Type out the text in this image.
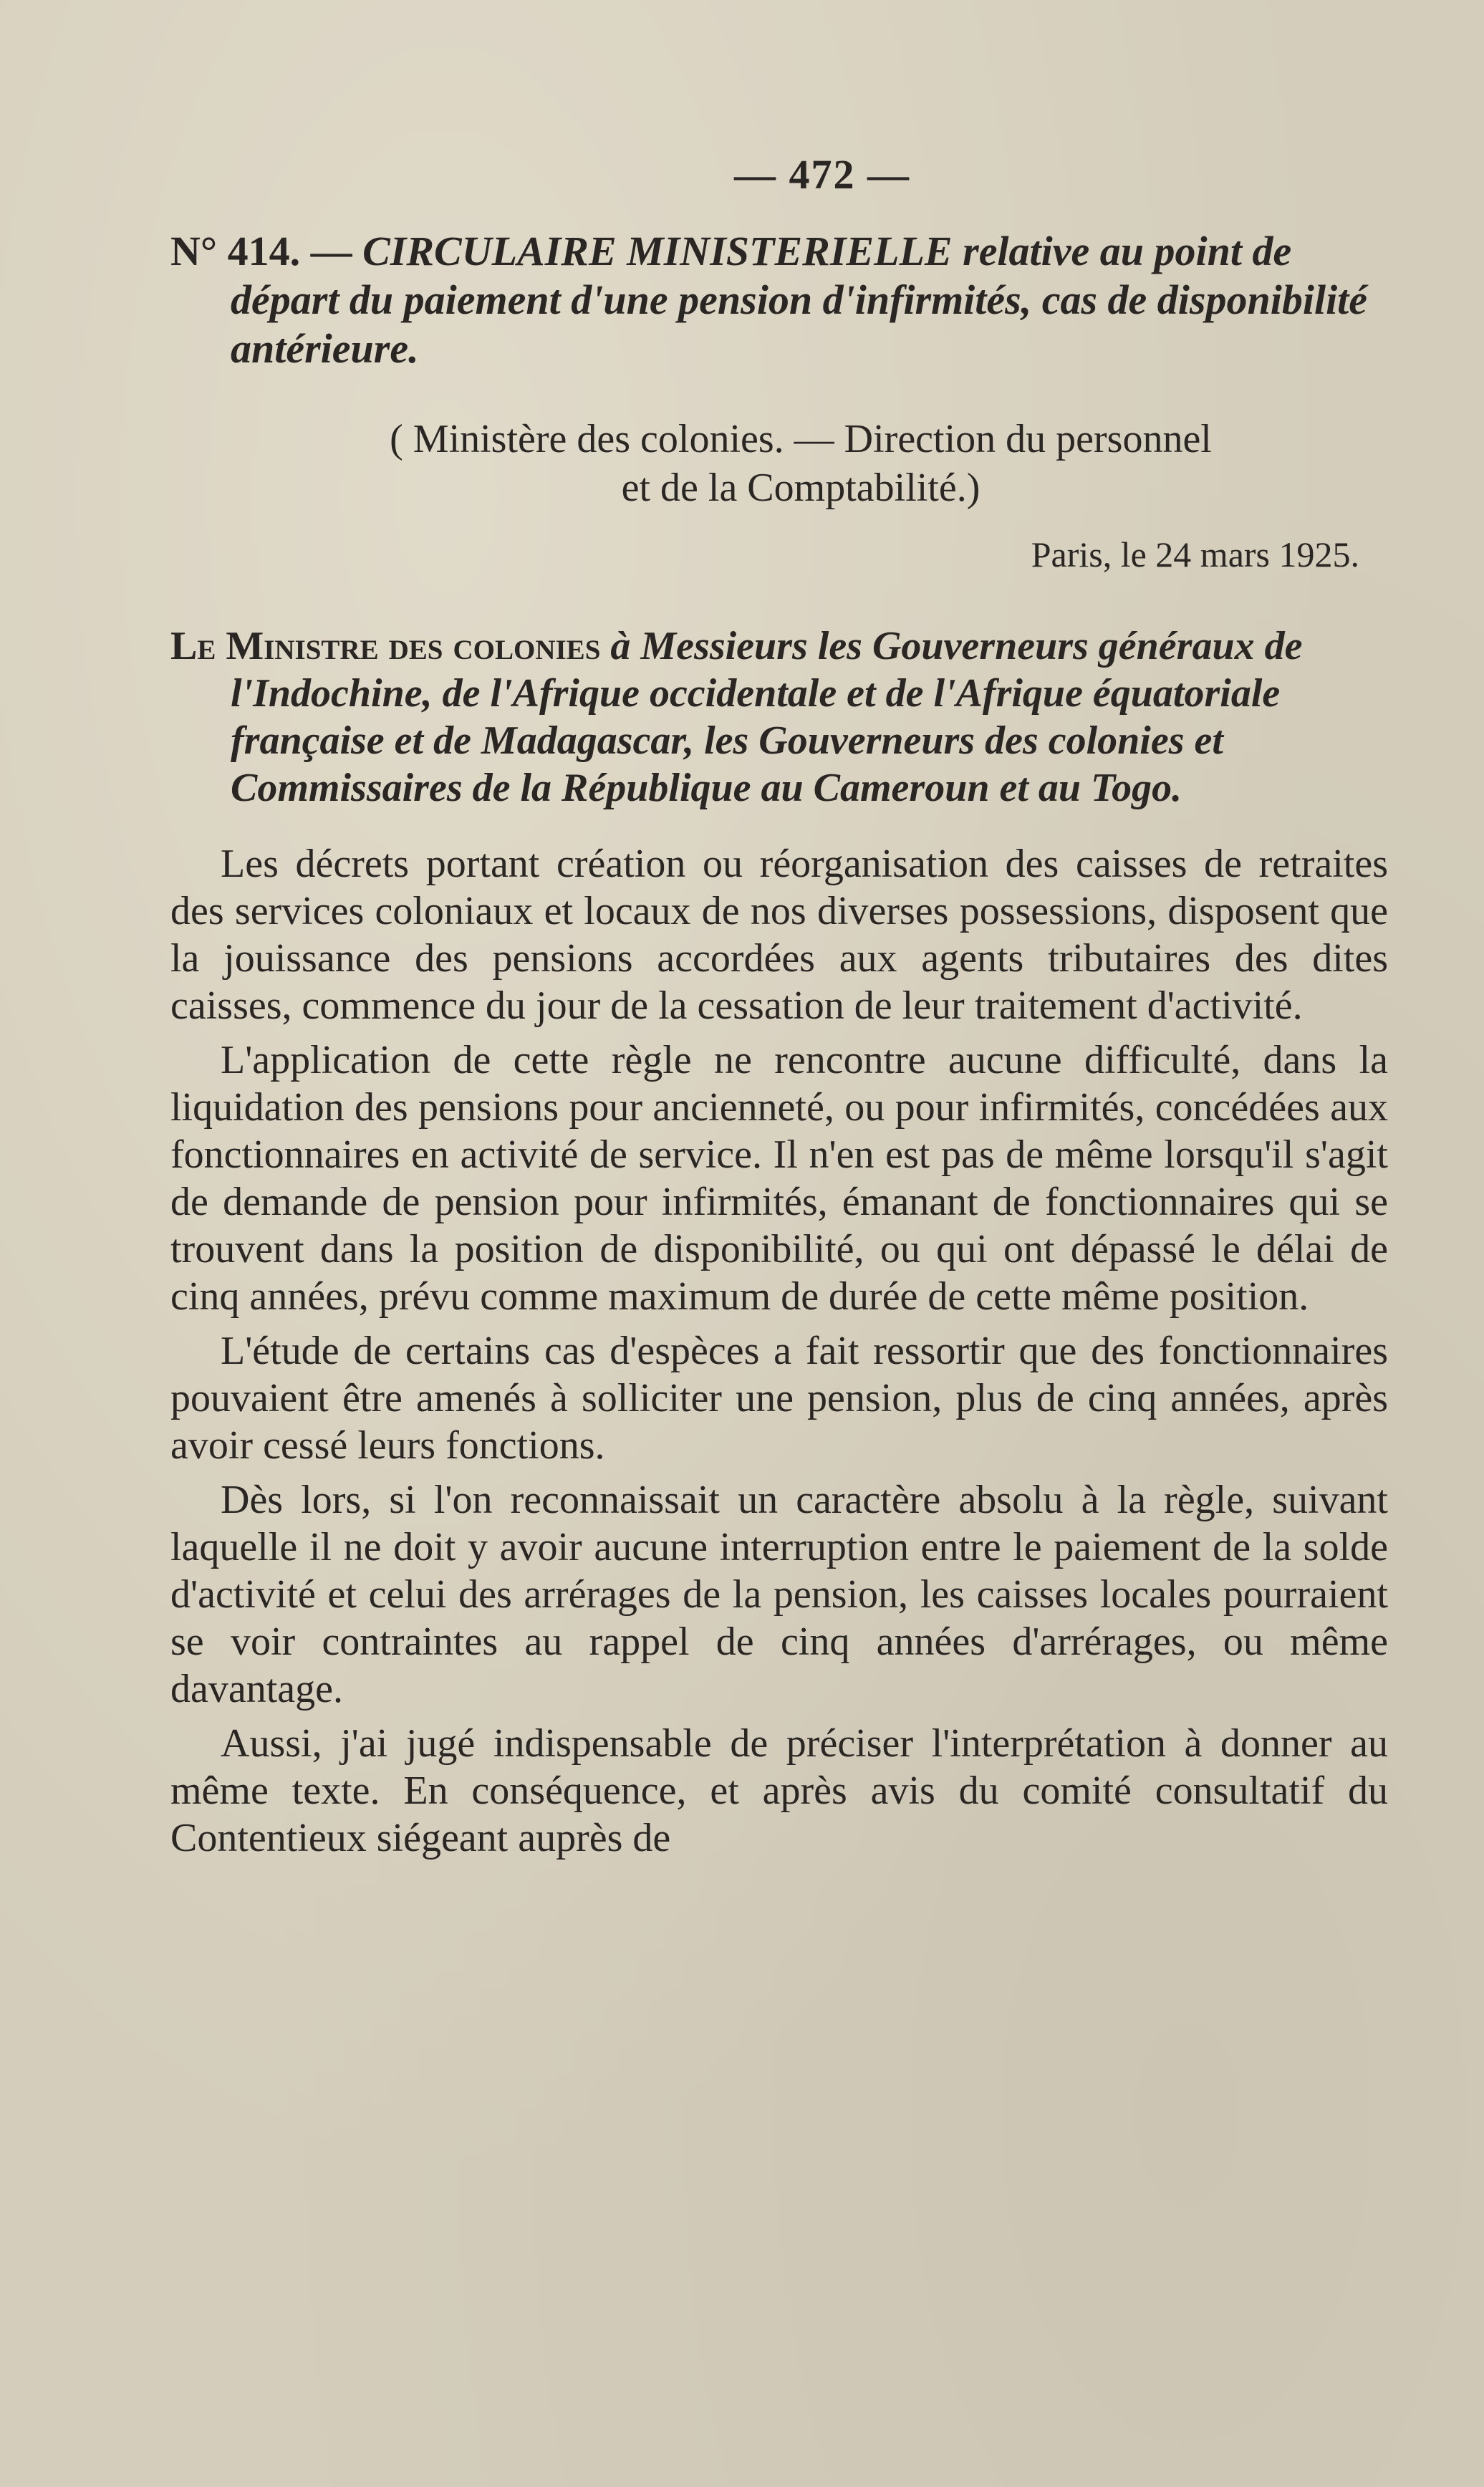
— 472 —

N° 414. — CIRCULAIRE MINISTERIELLE relative au point de départ du paiement d'une pension d'infirmités, cas de disponibilité antérieure.

( Ministère des colonies. — Direction du personnel
et de la Comptabilité.)
Paris, le 24 mars 1925.

Le Ministre des colonies à Messieurs les Gouverneurs généraux de l'Indochine, de l'Afrique occidentale et de l'Afrique équatoriale française et de Madagascar, les Gouverneurs des colonies et Commissaires de la République au Cameroun et au Togo.

Les décrets portant création ou réorganisation des caisses de retraites des services coloniaux et locaux de nos diverses possessions, disposent que la jouissance des pensions accordées aux agents tributaires des dites caisses, commence du jour de la cessation de leur traitement d'activité.

L'application de cette règle ne rencontre aucune difficulté, dans la liquidation des pensions pour ancienneté, ou pour infirmités, concédées aux fonctionnaires en activité de service. Il n'en est pas de même lorsqu'il s'agit de demande de pension pour infirmités, émanant de fonctionnaires qui se trouvent dans la position de disponibilité, ou qui ont dépassé le délai de cinq années, prévu comme maximum de durée de cette même position.

L'étude de certains cas d'espèces a fait ressortir que des fonctionnaires pouvaient être amenés à solliciter une pension, plus de cinq années, après avoir cessé leurs fonctions.

Dès lors, si l'on reconnaissait un caractère absolu à la règle, suivant laquelle il ne doit y avoir aucune interruption entre le paiement de la solde d'activité et celui des arrérages de la pension, les caisses locales pourraient se voir contraintes au rappel de cinq années d'arrérages, ou même davantage.

Aussi, j'ai jugé indispensable de préciser l'interprétation à donner au même texte. En conséquence, et après avis du comité consultatif du Contentieux siégeant auprès de
